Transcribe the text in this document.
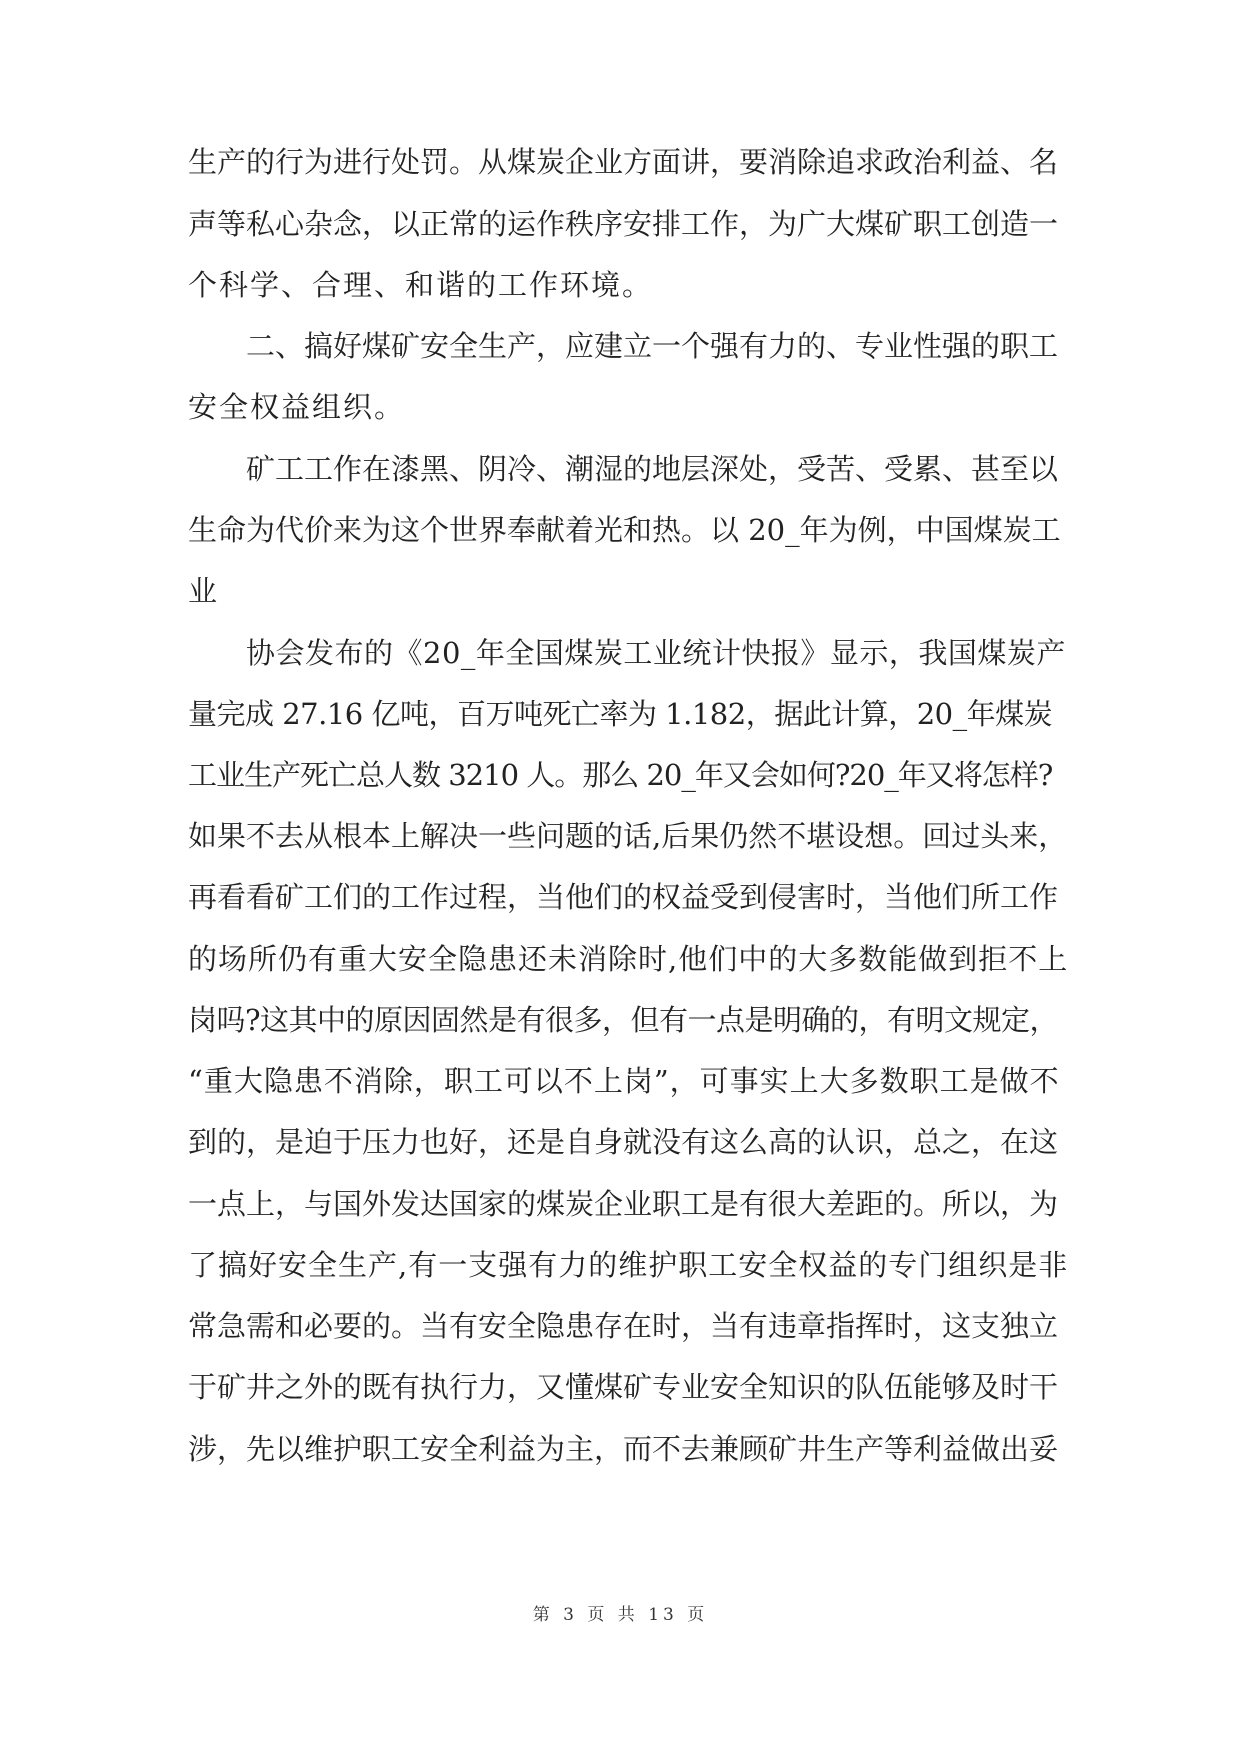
生产的行为进行处罚。从煤炭企业方面讲，要消除追求政治利益、名
声等私心杂念，以正常的运作秩序安排工作，为广大煤矿职工创造一
个科学、合理、和谐的工作环境。
二、搞好煤矿安全生产，应建立一个强有力的、专业性强的职工
安全权益组织。
矿工工作在漆黑、阴冷、潮湿的地层深处，受苦、受累、甚至以
生命为代价来为这个世界奉献着光和热。以 20_年为例，中国煤炭工
业
协会发布的《20_年全国煤炭工业统计快报》显示，我国煤炭产
量完成 27.16 亿吨，百万吨死亡率为 1.182，据此计算，20_年煤炭
工业生产死亡总人数 3210 人。那么 20_年又会如何?20_年又将怎样?
如果不去从根本上解决一些问题的话,后果仍然不堪设想。回过头来，
再看看矿工们的工作过程，当他们的权益受到侵害时，当他们所工作
的场所仍有重大安全隐患还未消除时,他们中的大多数能做到拒不上
岗吗?这其中的原因固然是有很多，但有一点是明确的，有明文规定，
“重大隐患不消除，职工可以不上岗”，可事实上大多数职工是做不
到的，是迫于压力也好，还是自身就没有这么高的认识，总之，在这
一点上，与国外发达国家的煤炭企业职工是有很大差距的。所以，为
了搞好安全生产,有一支强有力的维护职工安全权益的专门组织是非
常急需和必要的。当有安全隐患存在时，当有违章指挥时，这支独立
于矿井之外的既有执行力，又懂煤矿专业安全知识的队伍能够及时干
涉，先以维护职工安全利益为主，而不去兼顾矿井生产等利益做出妥
第 3 页 共 13 页
